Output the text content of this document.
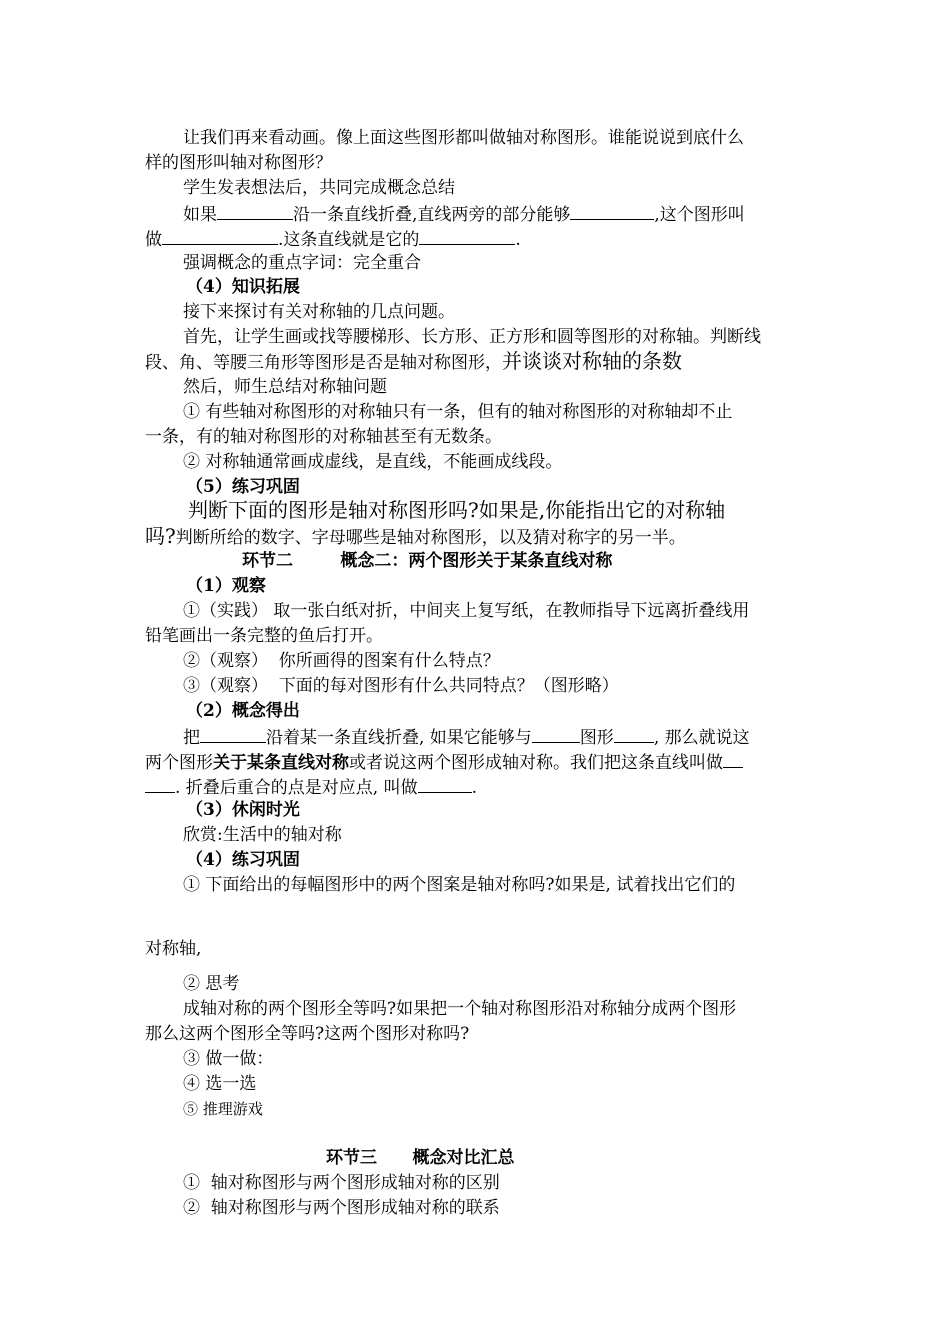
让我们再来看动画。像上面这些图形都叫做轴对称图形。谁能说说到底什么
样的图形叫轴对称图形？
学生发表想法后，共同完成概念总结
如果	沿一条直线折叠,直线两旁的部分能够	,这个图形叫
做	.这条直线就是它的	.
强调概念的重点字词：完全重合
（4）知识拓展
接下来探讨有关对称轴的几点问题。
首先，让学生画或找等腰梯形、长方形、正方形和圆等图形的对称轴。判断线
段、角、等腰三角形等图形是否是轴对称图形，并谈谈对称轴的条数
然后，师生总结对称轴问题
① 有些轴对称图形的对称轴只有一条，但有的轴对称图形的对称轴却不止
一条，有的轴对称图形的对称轴甚至有无数条。
② 对称轴通常画成虚线，是直线，不能画成线段。
（5）练习巩固
判断下面的图形是轴对称图形吗?如果是,你能指出它的对称轴
吗?判断所给的数字、字母哪些是轴对称图形，以及猜对称字的另一半。
环节二        概念二：两个图形关于某条直线对称
（1）观察
①（实践） 取一张白纸对折，中间夹上复写纸，在教师指导下远离折叠线用
铅笔画出一条完整的鱼后打开。
②（观察）  你所画得的图案有什么特点？
③（观察）  下面的每对图形有什么共同特点？（图形略）
（2）概念得出
把	沿着某一条直线折叠, 如果它能够与	图形 , 那么就说这
两个图形关于某条直线对称或者说这两个图形成轴对称。我们把这条直线叫做
. 折叠后重合的点是对应点, 叫做	.
（3）休闲时光
欣赏:生活中的轴对称
（4）练习巩固
① 下面给出的每幅图形中的两个图案是轴对称吗?如果是, 试着找出它们的
对称轴,
② 思考
成轴对称的两个图形全等吗?如果把一个轴对称图形沿对称轴分成两个图形
那么这两个图形全等吗?这两个图形对称吗?
③ 做一做：
④ 选一选
⑤ 推理游戏
环节三      概念对比汇总
①  轴对称图形与两个图形成轴对称的区别
②  轴对称图形与两个图形成轴对称的联系
